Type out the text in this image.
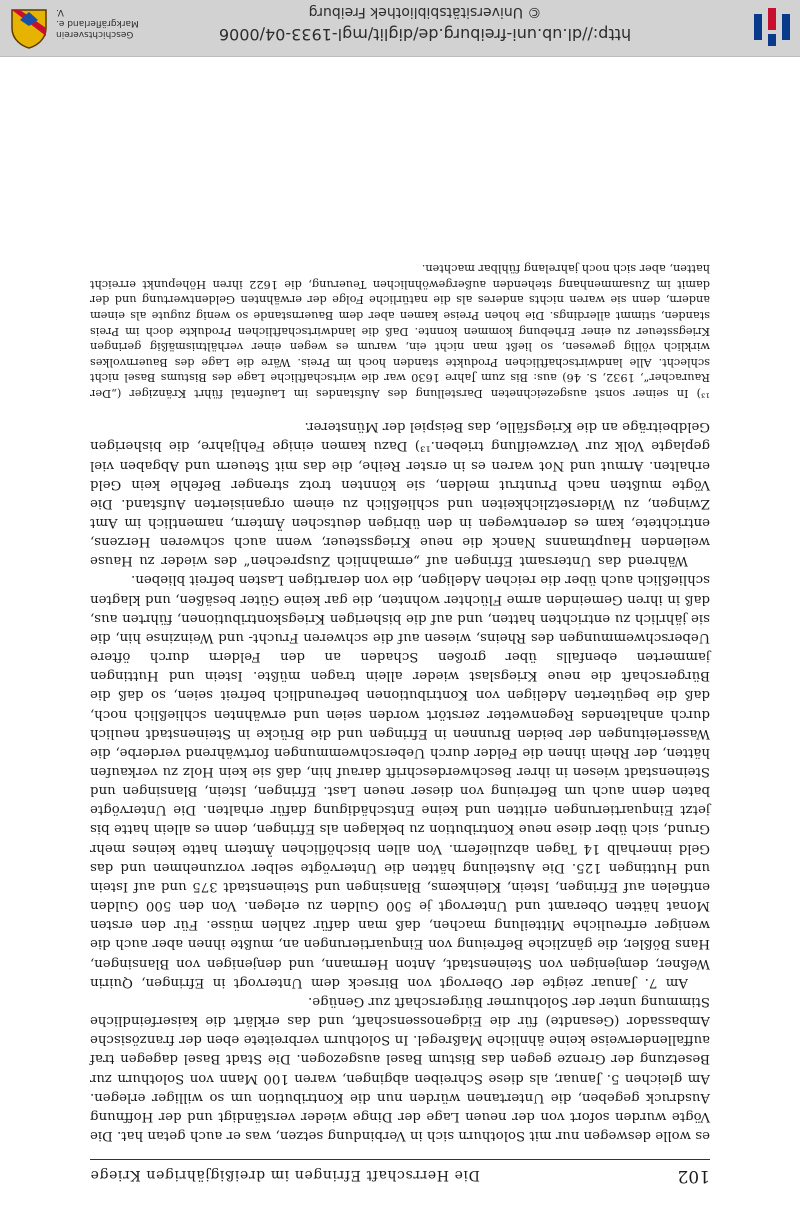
© Universitätsbibliothek Freiburg
http://dl.ub.uni-freiburg.de/diglit/mgl-1933-04/0006
Geschichtsverein Markgräflerland e. V.
102
Die Herrschaft Efringen im dreißigjährigen Kriege

es wolle deswegen nur mit Solothurn sich in Verbindung setzen, was er auch getan hat. Die Vögte wurden sofort von der neuen Lage der Dinge wieder verständigt und der Hoffnung Ausdruck gegeben, die Untertanen würden nun die Kontribution um so williger erlegen. Am gleichen 5. Januar, als diese Schreiben abgingen, waren 100 Mann von Solothurn zur Besetzung der Grenze gegen das Bistum Basel ausgezogen. Die Stadt Basel dagegen traf auffallenderweise keine ähnliche Maßregel. In Solothurn verbreitete eben der französische Ambassador (Gesandte) für die Eidgenossenschaft, und das erklärt die kaiserfeindliche Stimmung unter der Solothurner Bürgerschaft zur Genüge.

Am 7. Januar zeigte der Obervogt von Birseck dem Untervogt in Efringen, Quirin Weßner, demjenigen von Steinenstadt, Anton Hermann, und denjenigen von Blansingen, Hans Bößler, die gänzliche Befreiung von Einquartierungen an, mußte ihnen aber auch die weniger erfreuliche Mitteilung machen, daß man dafür zahlen müsse. Für den ersten Monat hätten Oberamt und Untervogt je 500 Gulden zu erlegen. Von den 500 Gulden entfielen auf Efringen, Istein, Kleinkems, Blansingen und Steinenstadt 375 und auf Istein und Huttingen 125. Die Austeilung hätten die Untervögte selber vorzunehmen und das Geld innerhalb 14 Tagen abzuliefern. Von allen bischöflichen Ämtern hatte keines mehr Grund, sich über diese neue Kontribution zu beklagen als Efringen, denn es allein hatte bis jetzt Einquartierungen erlitten und keine Entschädigung dafür erhalten. Die Untervögte baten denn auch um Befreiung von dieser neuen Last. Efringen, Istein, Blansingen und Steinenstadt wiesen in ihrer Beschwerdeschrift darauf hin, daß sie kein Holz zu verkaufen hätten, der Rhein ihnen die Felder durch Ueberschwemmungen fortwährend verderbe, die Wasserleitungen der beiden Brunnen in Efringen und die Brücke in Steinenstadt neulich durch anhaltendes Regenwetter zerstört worden seien und erwähnten schließlich noch, daß die begüterten Adeligen von Kontributionen befreundlich befreit seien, so daß die Bürgerschaft die neue Kriegslast wieder allein tragen müßte. Istein und Huttingen jammerten ebenfalls über großen Schaden an den Feldern durch öftere Ueberschwemmungen des Rheins, wiesen auf die schweren Frucht- und Weinzinse hin, die sie jährlich zu entrichten hatten, und auf die bisherigen Kriegskontributionen, führten aus, daß in ihren Gemeinden arme Flüchter wohnten, die gar keine Güter besäßen, und klagten schließlich auch über die reichen Adeligen, die von derartigen Lasten befreit blieben.

Während das Untersamt Efringen auf „ermahnlich Zusprechen“ des wieder zu Hause weilenden Hauptmanns Nanck die neue Kriegssteuer, wenn auch schweren Herzens, entrichtete, kam es derentwegen in den übrigen deutschen Ämtern, namentlich im Amt Zwingen, zu Widersetzlichkeiten und schließlich zu einem organisierten Aufstand. Die Vögte mußten nach Pruntrut melden, sie könnten trotz strenger Befehle kein Geld erhalten. Armut und Not waren es in erster Reihe, die das mit Steuern und Abgaben viel geplagte Volk zur Verzweiflung trieben.¹³) Dazu kamen einige Fehljahre, die bisherigen Geldbeiträge an die Kriegsfälle, das Beispiel der Münsterer.

¹³) In seiner sonst ausgezeichneten Darstellung des Aufstandes im Laufental führt Kränziger („Der Rauracher“, 1932, S. 46) aus: Bis zum Jahre 1630 war die wirtschaftliche Lage des Bistums Basel nicht schlecht. Alle landwirtschaftlichen Produkte standen hoch im Preis. Wäre die Lage des Bauernvolkes wirklich völlig gewesen, so ließt man nicht ein, warum es wegen einer verhältnismäßig geringen Kriegssteuer zu einer Erhebung kommen konnte. Daß die landwirtschaftlichen Produkte doch im Preis standen, stimmt allerdings. Die hohen Preise kamen aber dem Bauernstande so wenig zugute als einem andern, denn sie waren nichts anderes als die natürliche Folge der erwähnten Geldentwertung und der damit im Zusammenhang stehenden außergewöhnlichen Teuerung, die 1622 ihren Höhepunkt erreicht hatten, aber sich noch jahrelang fühlbar machten.
